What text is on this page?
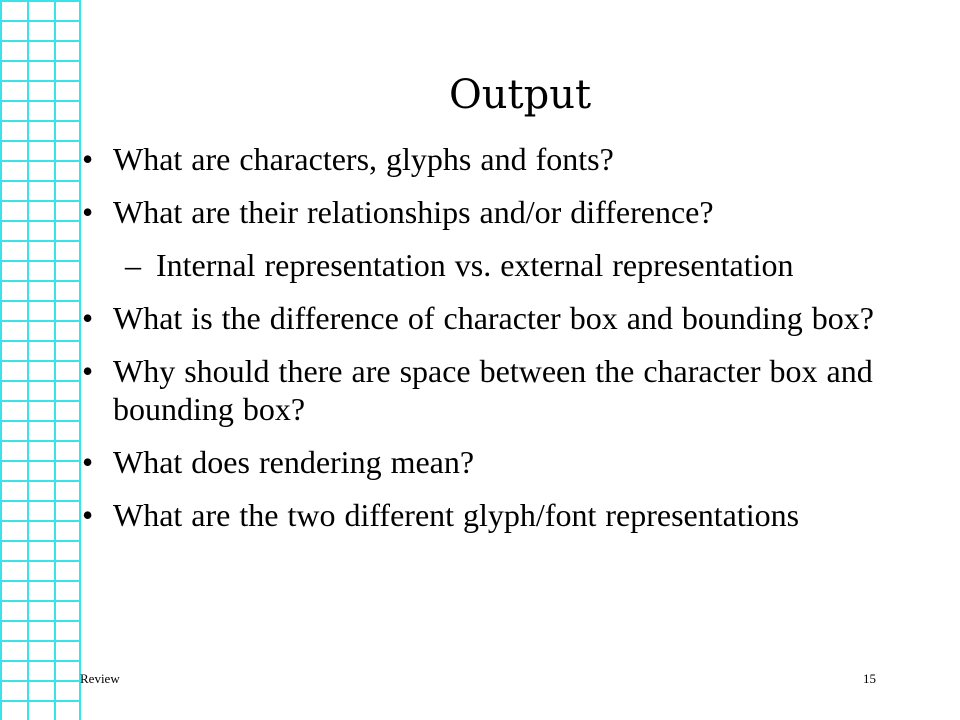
Output
• What are characters, glyphs and fonts?
• What are their relationships and/or difference?
– Internal representation vs. external representation
• What is the difference of character box and bounding box?
• Why should there are space between the character box and bounding box?
• What does rendering mean?
• What are the two different glyph/font representations
Review	15
